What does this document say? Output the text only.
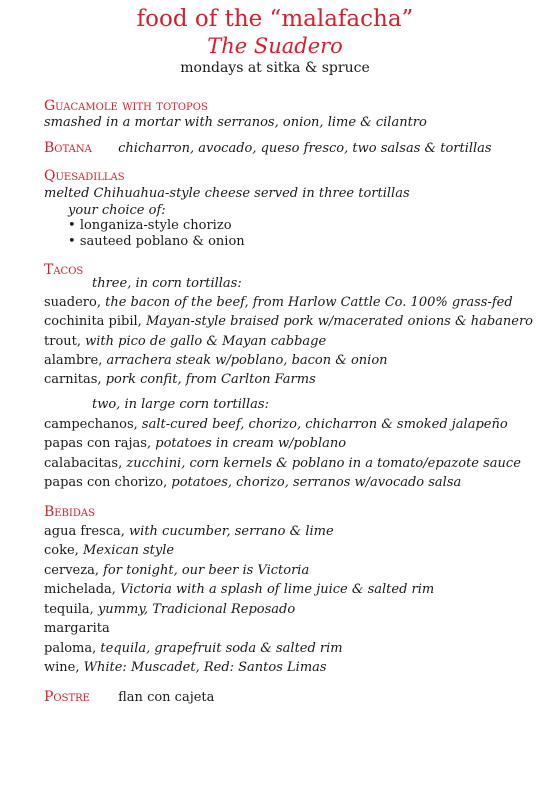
food of the “malafacha”
The Suadero
mondays at sitka & spruce
Guacamole with totopos
smashed in a mortar with serranos, onion, lime & cilantro
Botana chicharron, avocado, queso fresco, two salsas & tortillas
Quesadillas
melted Chihuahua-style cheese served in three tortillas
your choice of:
• longaniza-style chorizo
• sauteed poblano & onion
Tacos
three, in corn tortillas:
suadero, the bacon of the beef, from Harlow Cattle Co. 100% grass-fed
cochinita pibil, Mayan-style braised pork w/macerated onions & habanero
trout, with pico de gallo & Mayan cabbage
alambre, arrachera steak w/poblano, bacon & onion
carnitas, pork confit, from Carlton Farms
two, in large corn tortillas:
campechanos, salt-cured beef, chorizo, chicharron & smoked jalapeño
papas con rajas, potatoes in cream w/poblano
calabacitas, zucchini, corn kernels & poblano in a tomato/epazote sauce
papas con chorizo, potatoes, chorizo, serranos w/avocado salsa
Bebidas
agua fresca, with cucumber, serrano & lime
coke, Mexican style
cerveza, for tonight, our beer is Victoria
michelada, Victoria with a splash of lime juice & salted rim
tequila, yummy, Tradicional Reposado
margarita
paloma, tequila, grapefruit soda & salted rim
wine, White: Muscadet, Red: Santos Limas
Postre flan con cajeta
